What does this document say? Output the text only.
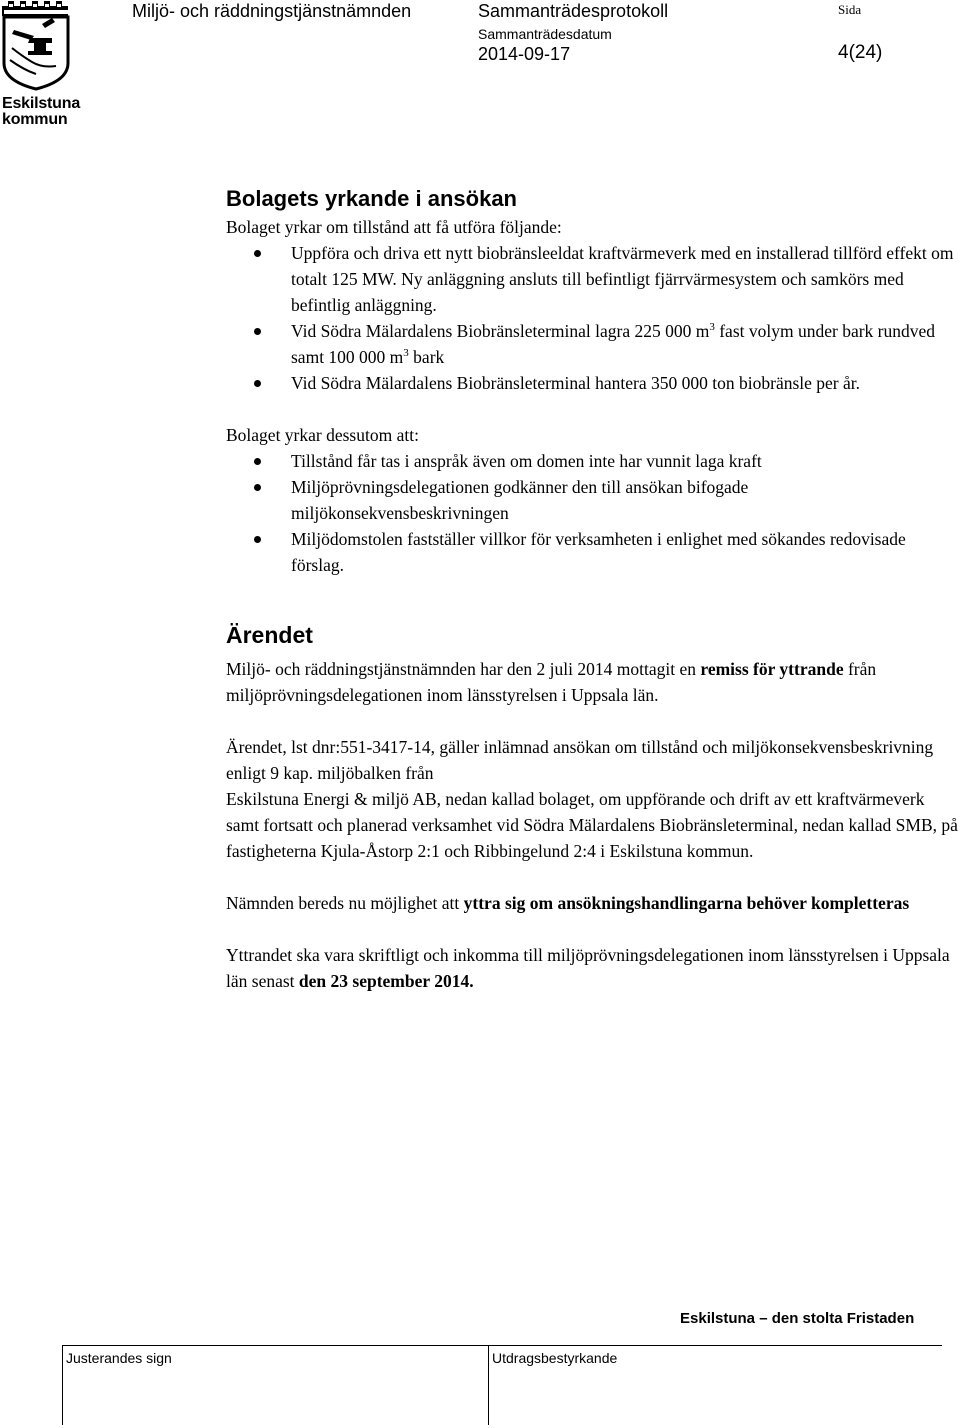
Miljö- och räddningstjänstnämnden	Sammanträdesprotokoll
Sammanträdesdatum
2014-09-17
Sida
4(24)
Eskilstuna
kommun
Bolagets yrkande i ansökan

Bolaget yrkar om tillstånd att få utföra följande:

Uppföra och driva ett nytt biobränsleeldat kraftvärmeverk med en installerad tillförd effekt om totalt 125 MW. Ny anläggning ansluts till befintligt fjärrvärmesystem och samkörs med befintlig anläggning.
Vid Södra Mälardalens Biobränsleterminal lagra 225 000 $m^3$ fast volym under bark rundved samt 100 000 $m^3$ bark
Vid Södra Mälardalens Biobränsleterminal hantera 350 000 ton biobränsle per år.

Bolaget yrkar dessutom att:

Tillstånd får tas i anspråk även om domen inte har vunnit laga kraft
Miljöprövningsdelegationen godkänner den till ansökan bifogade miljökonsekvensbeskrivningen
Miljödomstolen fastställer villkor för verksamheten i enlighet med sökandes redovisade förslag.
Ärendet

Miljö- och räddningstjänstnämnden har den 2 juli 2014 mottagit en remiss för yttrande från miljöprövningsdelegationen inom länsstyrelsen i Uppsala län.

Ärendet, lst dnr:551-3417-14, gäller inlämnad ansökan om tillstånd och miljökonsekvensbeskrivning enligt 9 kap. miljöbalken från

Eskilstuna Energi & miljö AB, nedan kallad bolaget, om uppförande och drift av ett kraftvärmeverk samt fortsatt och planerad verksamhet vid Södra Mälardalens Biobränsleterminal, nedan kallad SMB, på fastigheterna Kjula-Åstorp 2:1 och Ribbingelund 2:4 i Eskilstuna kommun.

Nämnden bereds nu möjlighet att yttra sig om ansökningshandlingarna behöver kompletteras

Yttrandet ska vara skriftligt och inkomma till miljöprövningsdelegationen inom länsstyrelsen i Uppsala län senast den 23 september 2014.

Eskilstuna – den stolta Fristaden
Justerandes sign	Utdragsbestyrkande
